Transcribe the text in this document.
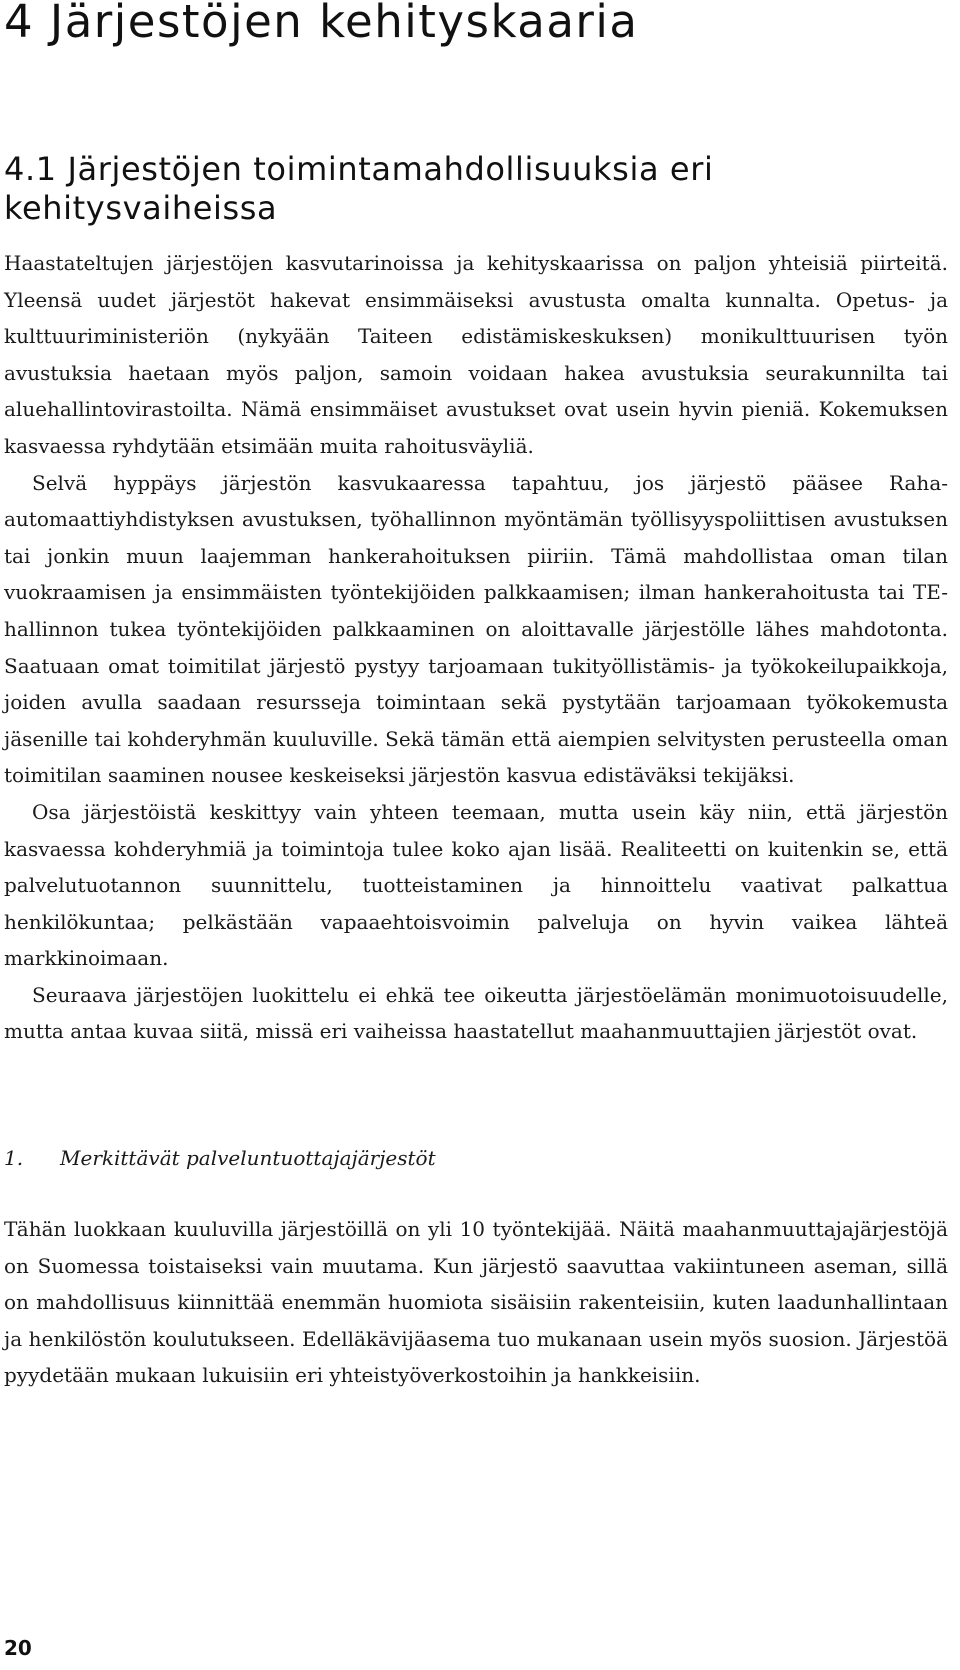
4 Järjestöjen kehityskaaria
4.1 Järjestöjen toimintamahdollisuuksia eri kehitysvaiheissa

Haastateltujen järjestöjen kasvutarinoissa ja kehityskaarissa on paljon yhteisiä piirteitä. Yleensä uudet järjestöt hakevat ensimmäiseksi avustusta omalta kunnalta. Opetus- ja kulttuuriministeriön (nykyään Taiteen edistämiskeskuksen) monikulttuurisen työn avustuksia haetaan myös paljon, samoin voidaan hakea avustuksia seurakunnilta tai aluehallintovirastoilta. Nämä ensimmäiset avustukset ovat usein hyvin pieniä. Kokemuksen kasvaessa ryhdytään etsimään muita rahoitusväyliä.

Selvä hyppäys järjestön kasvukaaressa tapahtuu, jos järjestö pääsee Raha-automaattiyhdistyksen avustuksen, työhallinnon myöntämän työllisyyspoliittisen avustuksen tai jonkin muun laajemman hankerahoituksen piiriin. Tämä mahdollistaa oman tilan vuokraamisen ja ensimmäisten työntekijöiden palkkaamisen; ilman hankerahoitusta tai TE-hallinnon tukea työntekijöiden palkkaaminen on aloittavalle järjestölle lähes mahdotonta. Saatuaan omat toimitilat järjestö pystyy tarjoamaan tukityöllistämis- ja työkokeilupaikkoja, joiden avulla saadaan resursseja toimintaan sekä pystytään tarjoamaan työkokemusta jäsenille tai kohderyhmän kuuluville. Sekä tämän että aiempien selvitysten perusteella oman toimitilan saaminen nousee keskeiseksi järjestön kasvua edistäväksi tekijäksi.

Osa järjestöistä keskittyy vain yhteen teemaan, mutta usein käy niin, että järjestön kasvaessa kohderyhmiä ja toimintoja tulee koko ajan lisää. Realiteetti on kuitenkin se, että palvelutuotannon suunnittelu, tuotteistaminen ja hinnoittelu vaativat palkattua henkilökuntaa; pelkästään vapaaehtoisvoimin palveluja on hyvin vaikea lähteä markkinoimaan.

Seuraava järjestöjen luokittelu ei ehkä tee oikeutta järjestöelämän monimuotoisuudelle, mutta antaa kuvaa siitä, missä eri vaiheissa haastatellut maahanmuuttajien järjestöt ovat.

1. Merkittävät palveluntuottajajärjestöt

Tähän luokkaan kuuluvilla järjestöillä on yli 10 työntekijää. Näitä maahanmuuttajajärjestöjä on Suomessa toistaiseksi vain muutama. Kun järjestö saavuttaa vakiintuneen aseman, sillä on mahdollisuus kiinnittää enemmän huomiota sisäisiin rakenteisiin, kuten laadunhallintaan ja henkilöstön koulutukseen. Edelläkävijäasema tuo mukanaan usein myös suosion. Järjestöä pyydetään mukaan lukuisiin eri yhteistyöverkostoihin ja hankkeisiin.

20
